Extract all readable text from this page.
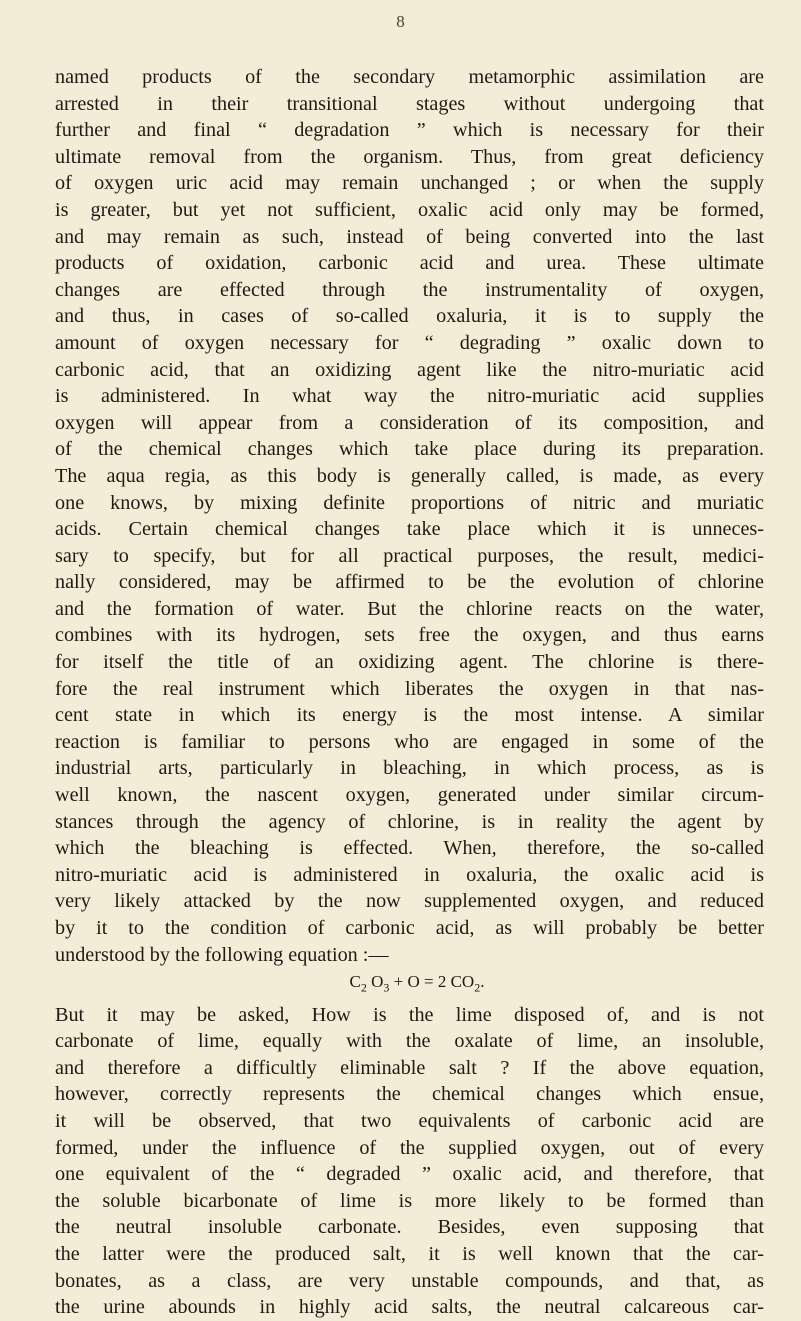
8
named products of the secondary metamorphic assimilation are
arrested in their transitional stages without undergoing that
further and final “ degradation ” which is necessary for their
ultimate removal from the organism. Thus, from great deficiency
of oxygen uric acid may remain unchanged ; or when the supply
is greater, but yet not sufficient, oxalic acid only may be formed,
and may remain as such, instead of being converted into the last
products of oxidation, carbonic acid and urea. These ultimate
changes are effected through the instrumentality of oxygen,
and thus, in cases of so-called oxaluria, it is to supply the
amount of oxygen necessary for “ degrading ” oxalic down to
carbonic acid, that an oxidizing agent like the nitro-muriatic acid
is administered. In what way the nitro-muriatic acid supplies
oxygen will appear from a consideration of its composition, and
of the chemical changes which take place during its preparation.
The aqua regia, as this body is generally called, is made, as every
one knows, by mixing definite proportions of nitric and muriatic
acids. Certain chemical changes take place which it is unneces-
sary to specify, but for all practical purposes, the result, medici-
nally considered, may be affirmed to be the evolution of chlorine
and the formation of water. But the chlorine reacts on the water,
combines with its hydrogen, sets free the oxygen, and thus earns
for itself the title of an oxidizing agent. The chlorine is there-
fore the real instrument which liberates the oxygen in that nas-
cent state in which its energy is the most intense. A similar
reaction is familiar to persons who are engaged in some of the
industrial arts, particularly in bleaching, in which process, as is
well known, the nascent oxygen, generated under similar circum-
stances through the agency of chlorine, is in reality the agent by
which the bleaching is effected. When, therefore, the so-called
nitro-muriatic acid is administered in oxaluria, the oxalic acid is
very likely attacked by the now supplemented oxygen, and reduced
by it to the condition of carbonic acid, as will probably be better
understood by the following equation :—
$C_2$ $O_3 + O = 2$ $CO_2$.
But it may be asked, How is the lime disposed of, and is not
carbonate of lime, equally with the oxalate of lime, an insoluble,
and therefore a difficultly eliminable salt ? If the above equation,
however, correctly represents the chemical changes which ensue,
it will be observed, that two equivalents of carbonic acid are
formed, under the influence of the supplied oxygen, out of every
one equivalent of the “ degraded ” oxalic acid, and therefore, that
the soluble bicarbonate of lime is more likely to be formed than
the neutral insoluble carbonate. Besides, even supposing that
the latter were the produced salt, it is well known that the car-
bonates, as a class, are very unstable compounds, and that, as
the urine abounds in highly acid salts, the neutral calcareous car-
